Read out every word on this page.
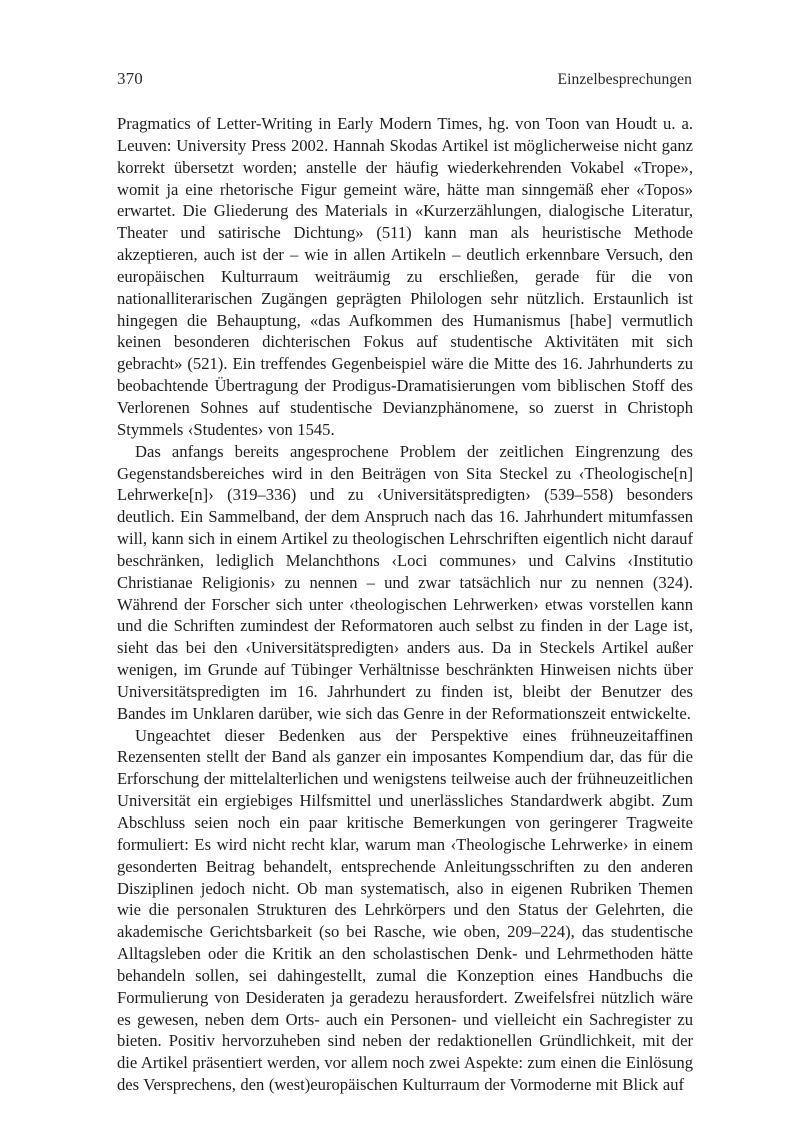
370	Einzelbesprechungen

Pragmatics of Letter-Writing in Early Modern Times, hg. von Toon van Houdt u. a. Leuven: University Press 2002. Hannah Skodas Artikel ist möglicherweise nicht ganz korrekt übersetzt worden; anstelle der häufig wiederkehrenden Vokabel «Trope», womit ja eine rhetorische Figur gemeint wäre, hätte man sinngemäß eher «Topos» erwartet. Die Gliederung des Materials in «Kurzerzählungen, dialogische Literatur, Theater und satirische Dichtung» (511) kann man als heuristische Methode akzeptieren, auch ist der – wie in allen Artikeln – deutlich erkennbare Versuch, den europäischen Kulturraum weiträumig zu erschließen, gerade für die von nationalliterarischen Zugängen geprägten Philologen sehr nützlich. Erstaunlich ist hingegen die Behauptung, «das Aufkommen des Humanismus [habe] vermutlich keinen besonderen dichterischen Fokus auf studentische Aktivitäten mit sich gebracht» (521). Ein treffendes Gegenbeispiel wäre die Mitte des 16. Jahrhunderts zu beobachtende Übertragung der Prodigus-Dramatisierungen vom biblischen Stoff des Verlorenen Sohnes auf studentische Devianzphänomene, so zuerst in Christoph Stymmels ‹Studentes› von 1545.

Das anfangs bereits angesprochene Problem der zeitlichen Eingrenzung des Gegenstandsbereiches wird in den Beiträgen von Sita Steckel zu ‹Theologische[n] Lehrwerke[n]› (319–336) und zu ‹Universitätspredigten› (539–558) besonders deutlich. Ein Sammelband, der dem Anspruch nach das 16. Jahrhundert mitumfassen will, kann sich in einem Artikel zu theologischen Lehrschriften eigentlich nicht darauf beschränken, lediglich Melanchthons ‹Loci communes› und Calvins ‹Institutio Christianae Religionis› zu nennen – und zwar tatsächlich nur zu nennen (324). Während der Forscher sich unter ‹theologischen Lehrwerken› etwas vorstellen kann und die Schriften zumindest der Reformatoren auch selbst zu finden in der Lage ist, sieht das bei den ‹Universitätspredigten› anders aus. Da in Steckels Artikel außer wenigen, im Grunde auf Tübinger Verhältnisse beschränkten Hinweisen nichts über Universitätspredigten im 16. Jahrhundert zu finden ist, bleibt der Benutzer des Bandes im Unklaren darüber, wie sich das Genre in der Reformationszeit entwickelte.

Ungeachtet dieser Bedenken aus der Perspektive eines frühneuzeitaffinen Rezensenten stellt der Band als ganzer ein imposantes Kompendium dar, das für die Erforschung der mittelalterlichen und wenigstens teilweise auch der frühneuzeitlichen Universität ein ergiebiges Hilfsmittel und unerlässliches Standardwerk abgibt. Zum Abschluss seien noch ein paar kritische Bemerkungen von geringerer Tragweite formuliert: Es wird nicht recht klar, warum man ‹Theologische Lehrwerke› in einem gesonderten Beitrag behandelt, entsprechende Anleitungsschriften zu den anderen Disziplinen jedoch nicht. Ob man systematisch, also in eigenen Rubriken Themen wie die personalen Strukturen des Lehrkörpers und den Status der Gelehrten, die akademische Gerichtsbarkeit (so bei Rasche, wie oben, 209–224), das studentische Alltagsleben oder die Kritik an den scholastischen Denk- und Lehrmethoden hätte behandeln sollen, sei dahingestellt, zumal die Konzeption eines Handbuchs die Formulierung von Desideraten ja geradezu herausfordert. Zweifelsfrei nützlich wäre es gewesen, neben dem Orts- auch ein Personen- und vielleicht ein Sachregister zu bieten. Positiv hervorzuheben sind neben der redaktionellen Gründlichkeit, mit der die Artikel präsentiert werden, vor allem noch zwei Aspekte: zum einen die Einlösung des Versprechens, den (west)europäischen Kulturraum der Vormoderne mit Blick auf
